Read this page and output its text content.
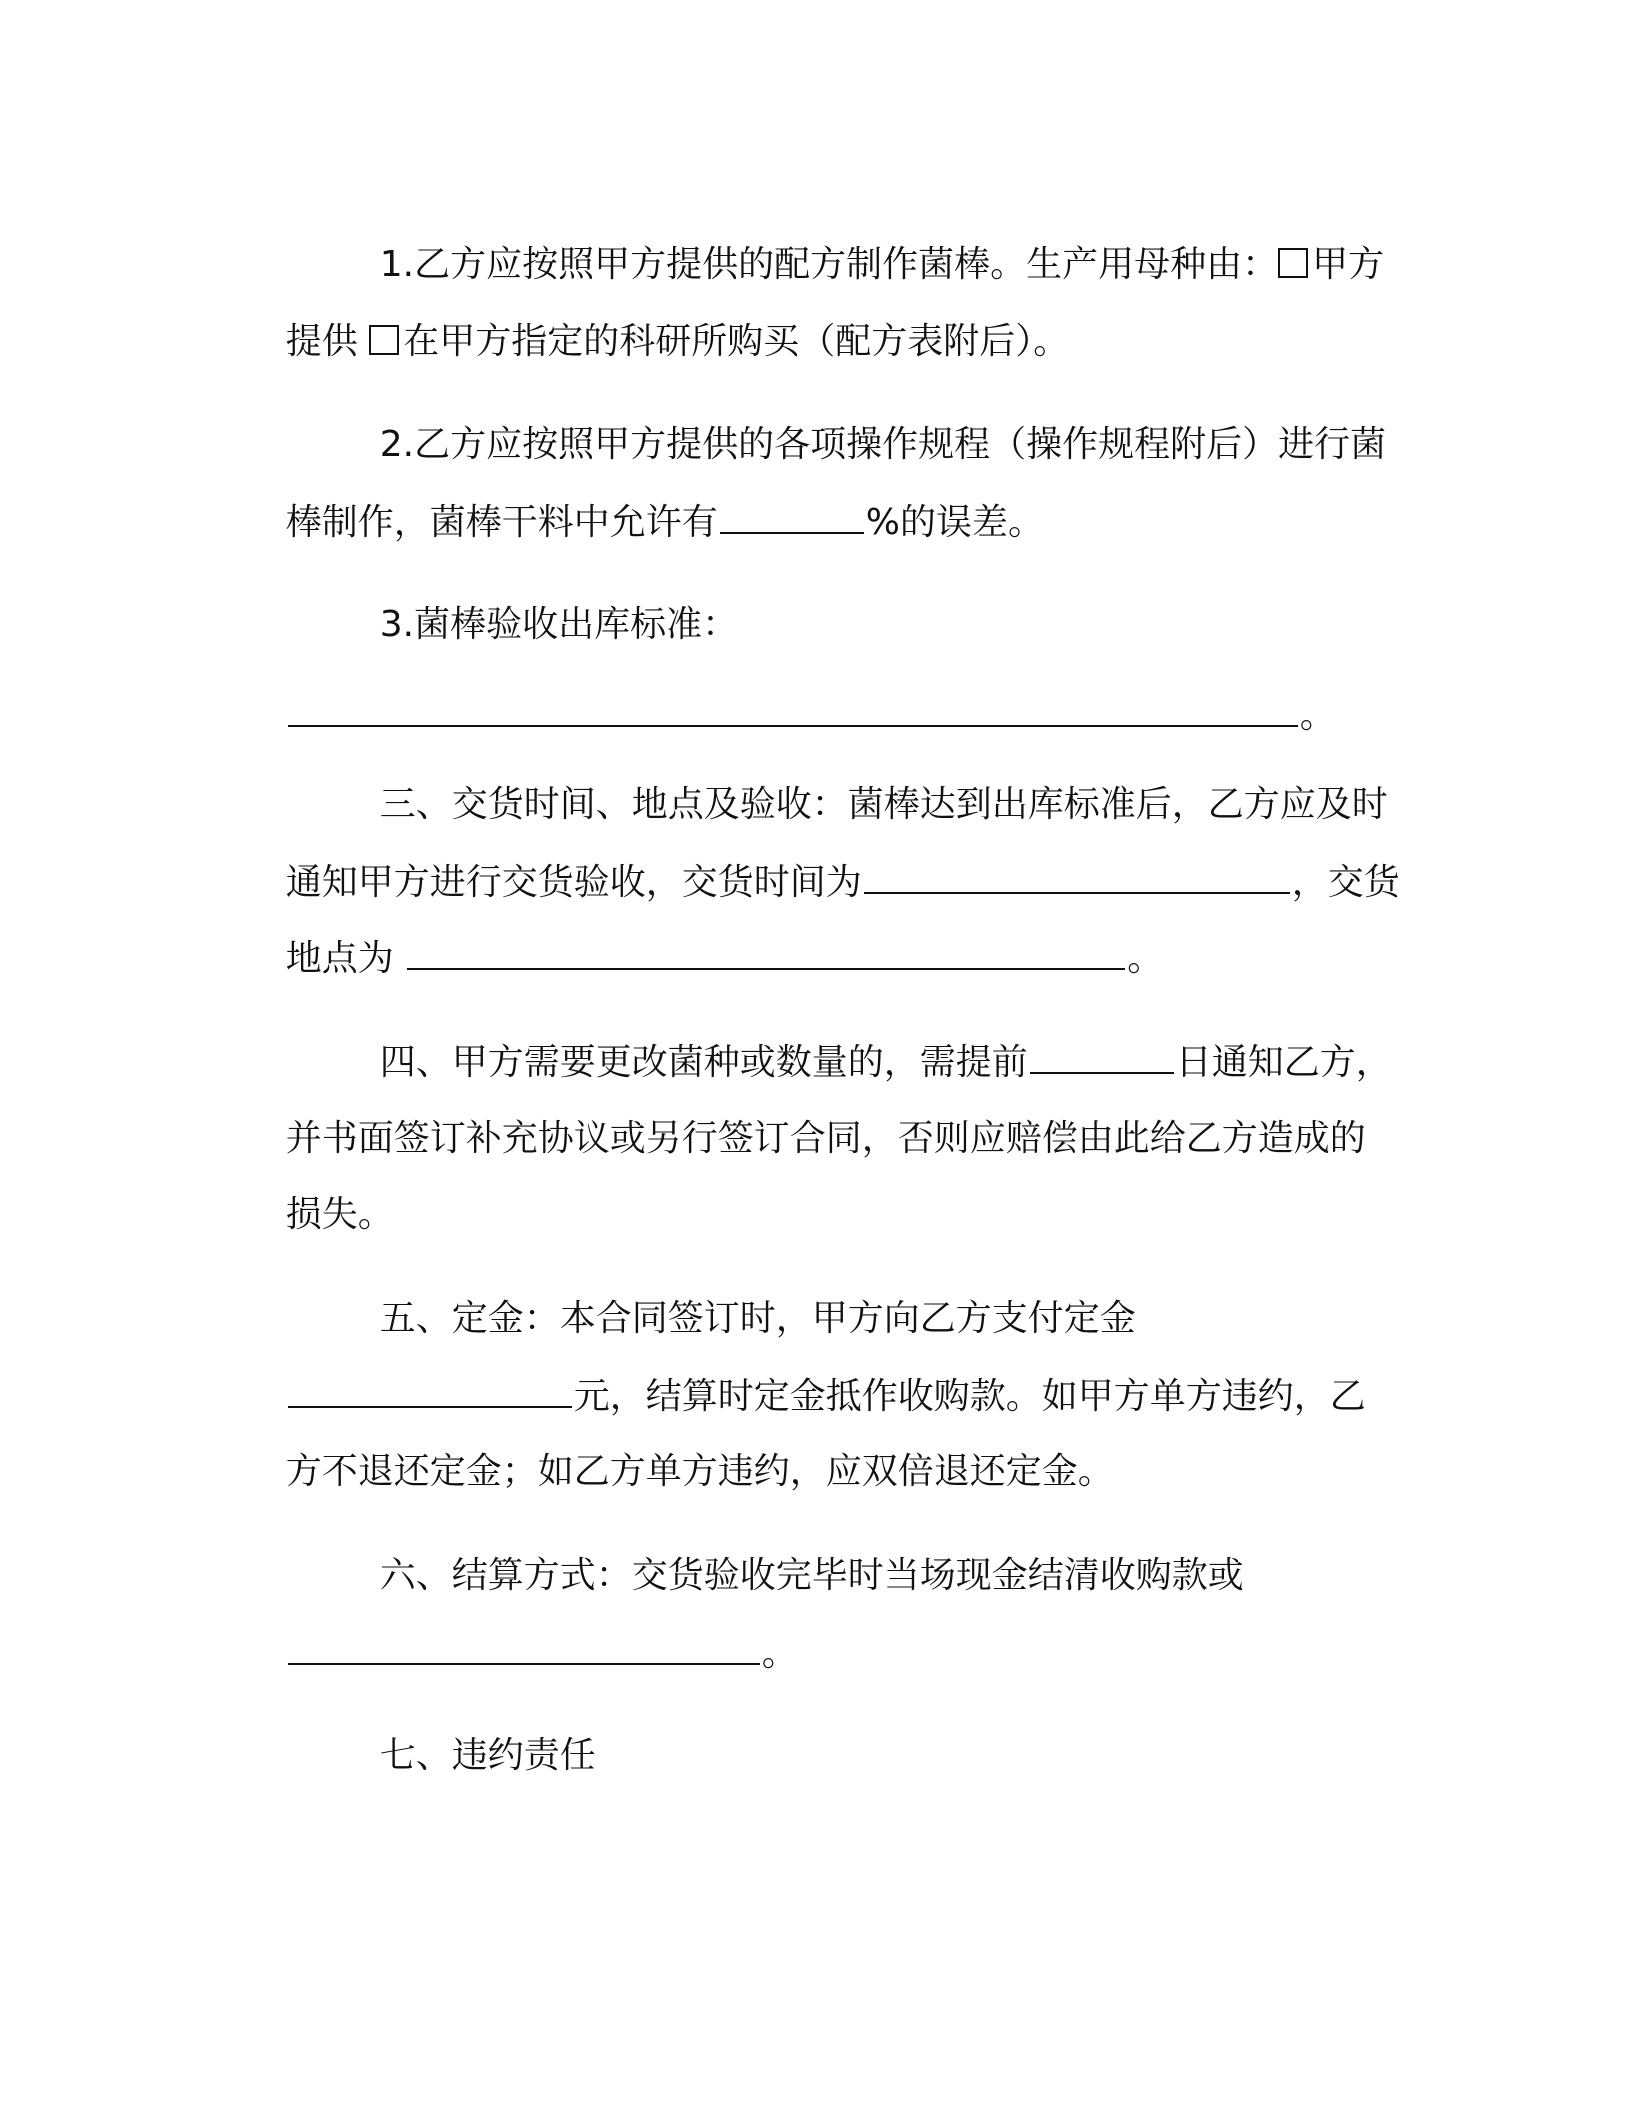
1.乙方应按照甲方提供的配方制作菌棒。生产用母种由： 甲方

提供 在甲方指定的科研所购买（配方表附后）。

2.乙方应按照甲方提供的各项操作规程（操作规程附后）进行菌

棒制作，菌棒干料中允许有	%的误差。

3.菌棒验收出库标准：

。

三、交货时间、地点及验收：菌棒达到出库标准后，乙方应及时

通知甲方进行交货验收，交货时间为	，交货

地点为	。

四、甲方需要更改菌种或数量的，需提前	日通知乙方，

并书面签订补充协议或另行签订合同，否则应赔偿由此给乙方造成的

损失。

五、定金：本合同签订时，甲方向乙方支付定金

元，结算时定金抵作收购款。如甲方单方违约，乙

方不退还定金；如乙方单方违约，应双倍退还定金。

六、结算方式：交货验收完毕时当场现金结清收购款或

。

七、违约责任
